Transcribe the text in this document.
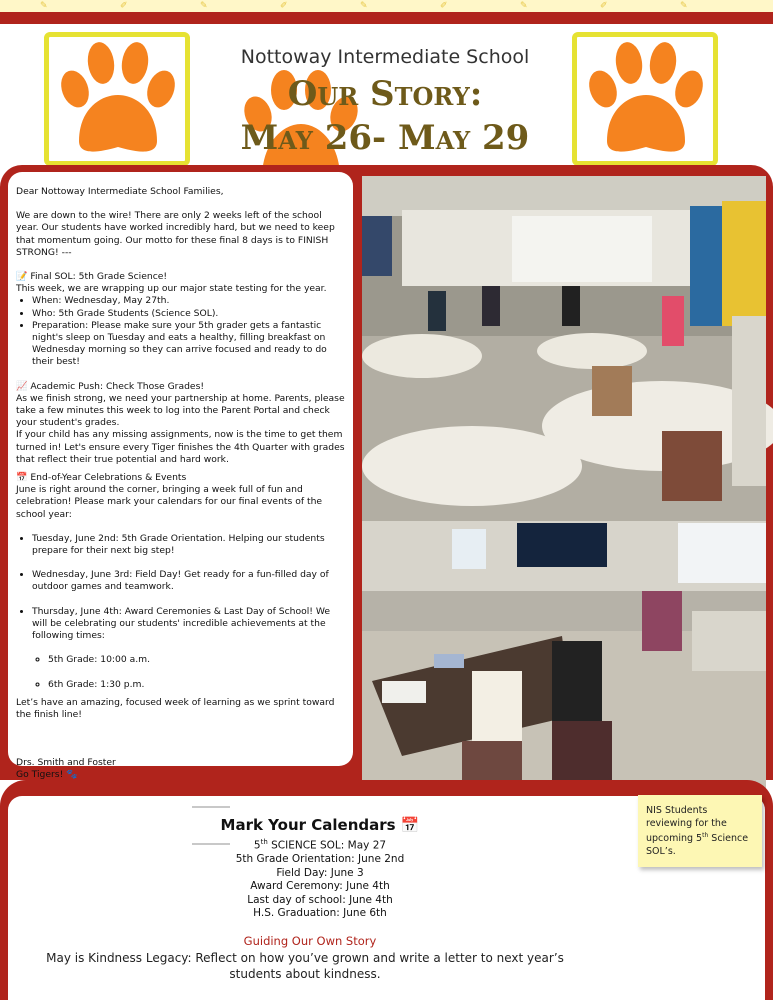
✎	✐	✎	✐	✎	✐	✎	✐	✎
Nottoway Intermediate School
Our Story:
May 26- May 29

Dear Nottoway Intermediate School Families,

We are down to the wire! There are only 2 weeks left of the school year. Our students have worked incredibly hard, but we need to keep that momentum going. Our motto for these final 8 days is to FINISH STRONG! ---

📝 Final SOL: 5th Grade Science!
This week, we are wrapping up our major state testing for the year.
• When: Wednesday, May 27th.
• Who: 5th Grade Students (Science SOL).
• Preparation: Please make sure your 5th grader gets a fantastic night's sleep on Tuesday and eats a healthy, filling breakfast on Wednesday morning so they can arrive focused and ready to do their best!
📈 Academic Push: Check Those Grades!
As we finish strong, we need your partnership at home. Parents, please take a few minutes this week to log into the Parent Portal and check your student's grades.
If your child has any missing assignments, now is the time to get them turned in! Let's ensure every Tiger finishes the 4th Quarter with grades that reflect their true potential and hard work.
📅 End-of-Year Celebrations & Events
June is right around the corner, bringing a week full of fun and celebration! Please mark your calendars for our final events of the school year:
• Tuesday, June 2nd: 5th Grade Orientation. Helping our students prepare for their next big step!
• Wednesday, June 3rd: Field Day! Get ready for a fun-filled day of outdoor games and teamwork.
• Thursday, June 4th: Award Ceremonies & Last Day of School! We will be celebrating our students' incredible achievements at the following times:
◦ 5th Grade: 10:00 a.m.
◦ 6th Grade: 1:30 p.m.

Let’s have an amazing, focused week of learning as we sprint toward the finish line!

Drs. Smith and Foster
Go Tigers! 🐾
Mark Your Calendars 📅
5th SCIENCE SOL: May 27
5th Grade Orientation: June 2nd
Field Day: June 3
Award Ceremony: June 4th
Last day of school: June 4th
H.S. Graduation: June 6th
Guiding Our Own Story
May is Kindness Legacy: Reflect on how you’ve grown and write a letter to next year’s students about kindness.
NIS Students reviewing for the upcoming 5th Science SOL’s.
